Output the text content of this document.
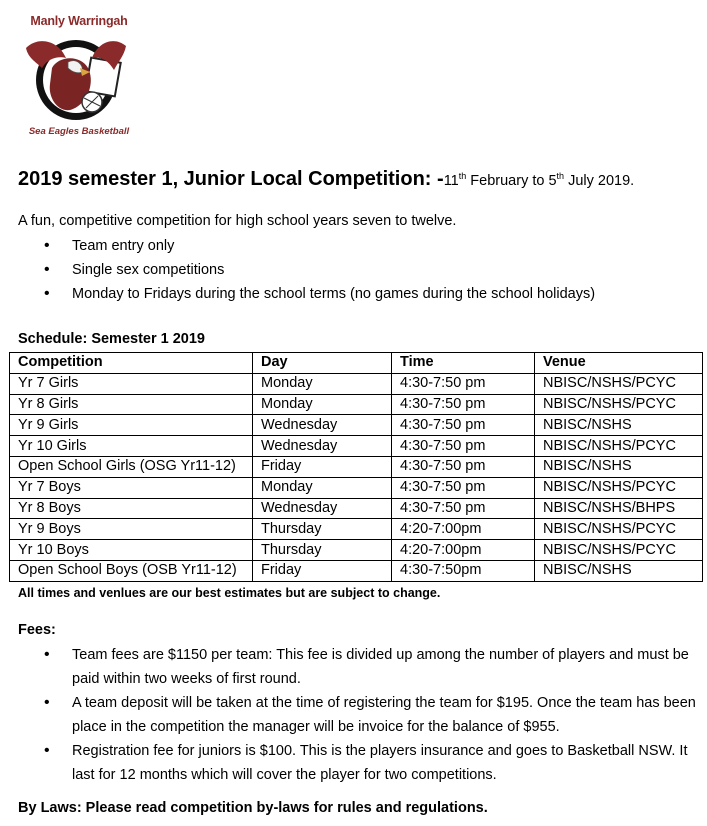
Manly Warringah
Sea Eagles Basketball
2019 semester 1, Junior Local Competition: -11th February to 5th July 2019.
A fun, competitive competition for high school years seven to twelve.
• Team entry only
• Single sex competitions
• Monday to Fridays during the school terms (no games during the school holidays)
Schedule: Semester 1 2019
Competition	Day	Time	Venue
Yr 7 Girls	Monday	4:30-7:50 pm	NBISC/NSHS/PCYC
Yr 8 Girls	Monday	4:30-7:50 pm	NBISC/NSHS/PCYC
Yr 9 Girls	Wednesday	4:30-7:50 pm	NBISC/NSHS
Yr 10 Girls	Wednesday	4:30-7:50 pm	NBISC/NSHS/PCYC
Open School Girls (OSG Yr11-12)	Friday	4:30-7:50 pm	NBISC/NSHS
Yr 7 Boys	Monday	4:30-7:50 pm	NBISC/NSHS/PCYC
Yr 8 Boys	Wednesday	4:30-7:50 pm	NBISC/NSHS/BHPS
Yr 9 Boys	Thursday	4:20-7:00pm	NBISC/NSHS/PCYC
Yr 10 Boys	Thursday	4:20-7:00pm	NBISC/NSHS/PCYC
Open School Boys (OSB Yr11-12)	Friday	4:30-7:50pm	NBISC/NSHS
All times and venlues are our best estimates but are subject to change.
Fees:
• Team fees are $1150 per team: This fee is divided up among the number of players and must be paid within two weeks of first round.
• A team deposit will be taken at the time of registering the team for $195. Once the team has been place in the competition the manager will be invoice for the balance of $955.
• Registration fee for juniors is $100. This is the players insurance and goes to Basketball NSW. It last for 12 months which will cover the player for two competitions.
By Laws: Please read competition by-laws for rules and regulations.
